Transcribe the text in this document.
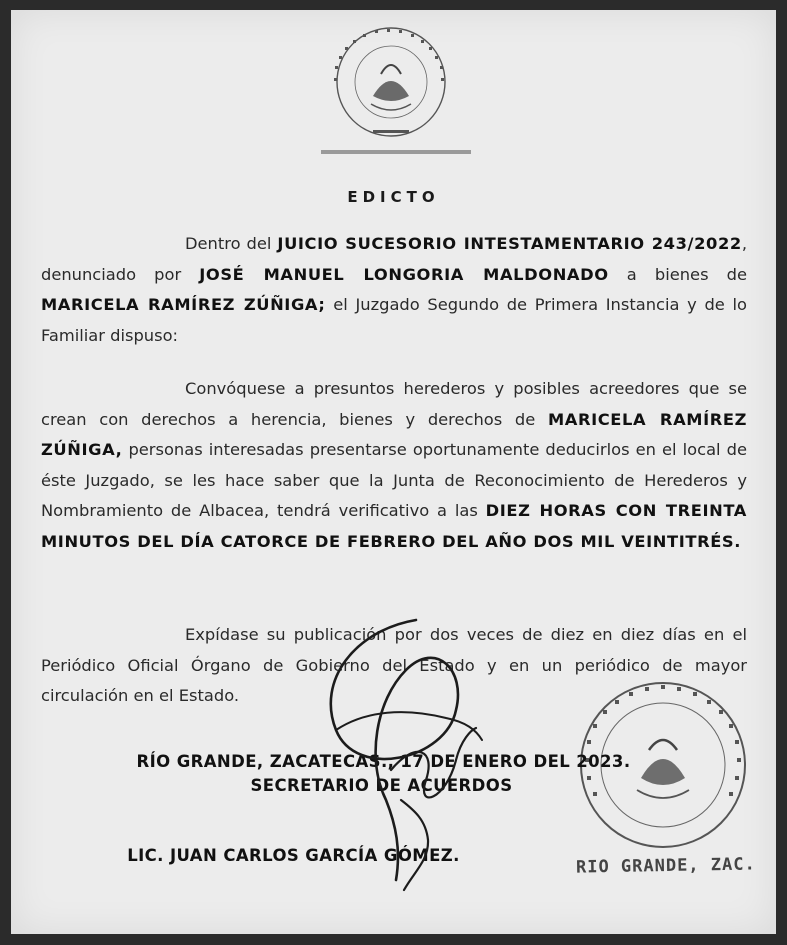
EDICTO
Dentro del JUICIO SUCESORIO INTESTAMENTARIO 243/2022, denunciado por JOSÉ MANUEL LONGORIA MALDONADO a bienes de MARICELA RAMÍREZ ZÚÑIGA; el Juzgado Segundo de Primera Instancia y de lo Familiar dispuso:
Convóquese a presuntos herederos y posibles acreedores que se crean con derechos a herencia, bienes y derechos de MARICELA RAMÍREZ ZÚÑIGA, personas interesadas presentarse oportunamente deducirlos en el local de éste Juzgado, se les hace saber que la Junta de Reconocimiento de Herederos y Nombramiento de Albacea, tendrá verificativo a las DIEZ HORAS CON TREINTA MINUTOS DEL DÍA CATORCE DE FEBRERO DEL AÑO DOS MIL VEINTITRÉS.
Expídase su publicación por dos veces de diez en diez días en el Periódico Oficial Órgano de Gobierno del Estado y en un periódico de mayor circulación en el Estado.
RÍO GRANDE, ZACATECAS., 17 DE ENERO DEL 2023.
SECRETARIO DE ACUERDOS
LIC. JUAN CARLOS GARCÍA GÓMEZ.	RIO GRANDE, ZAC.
